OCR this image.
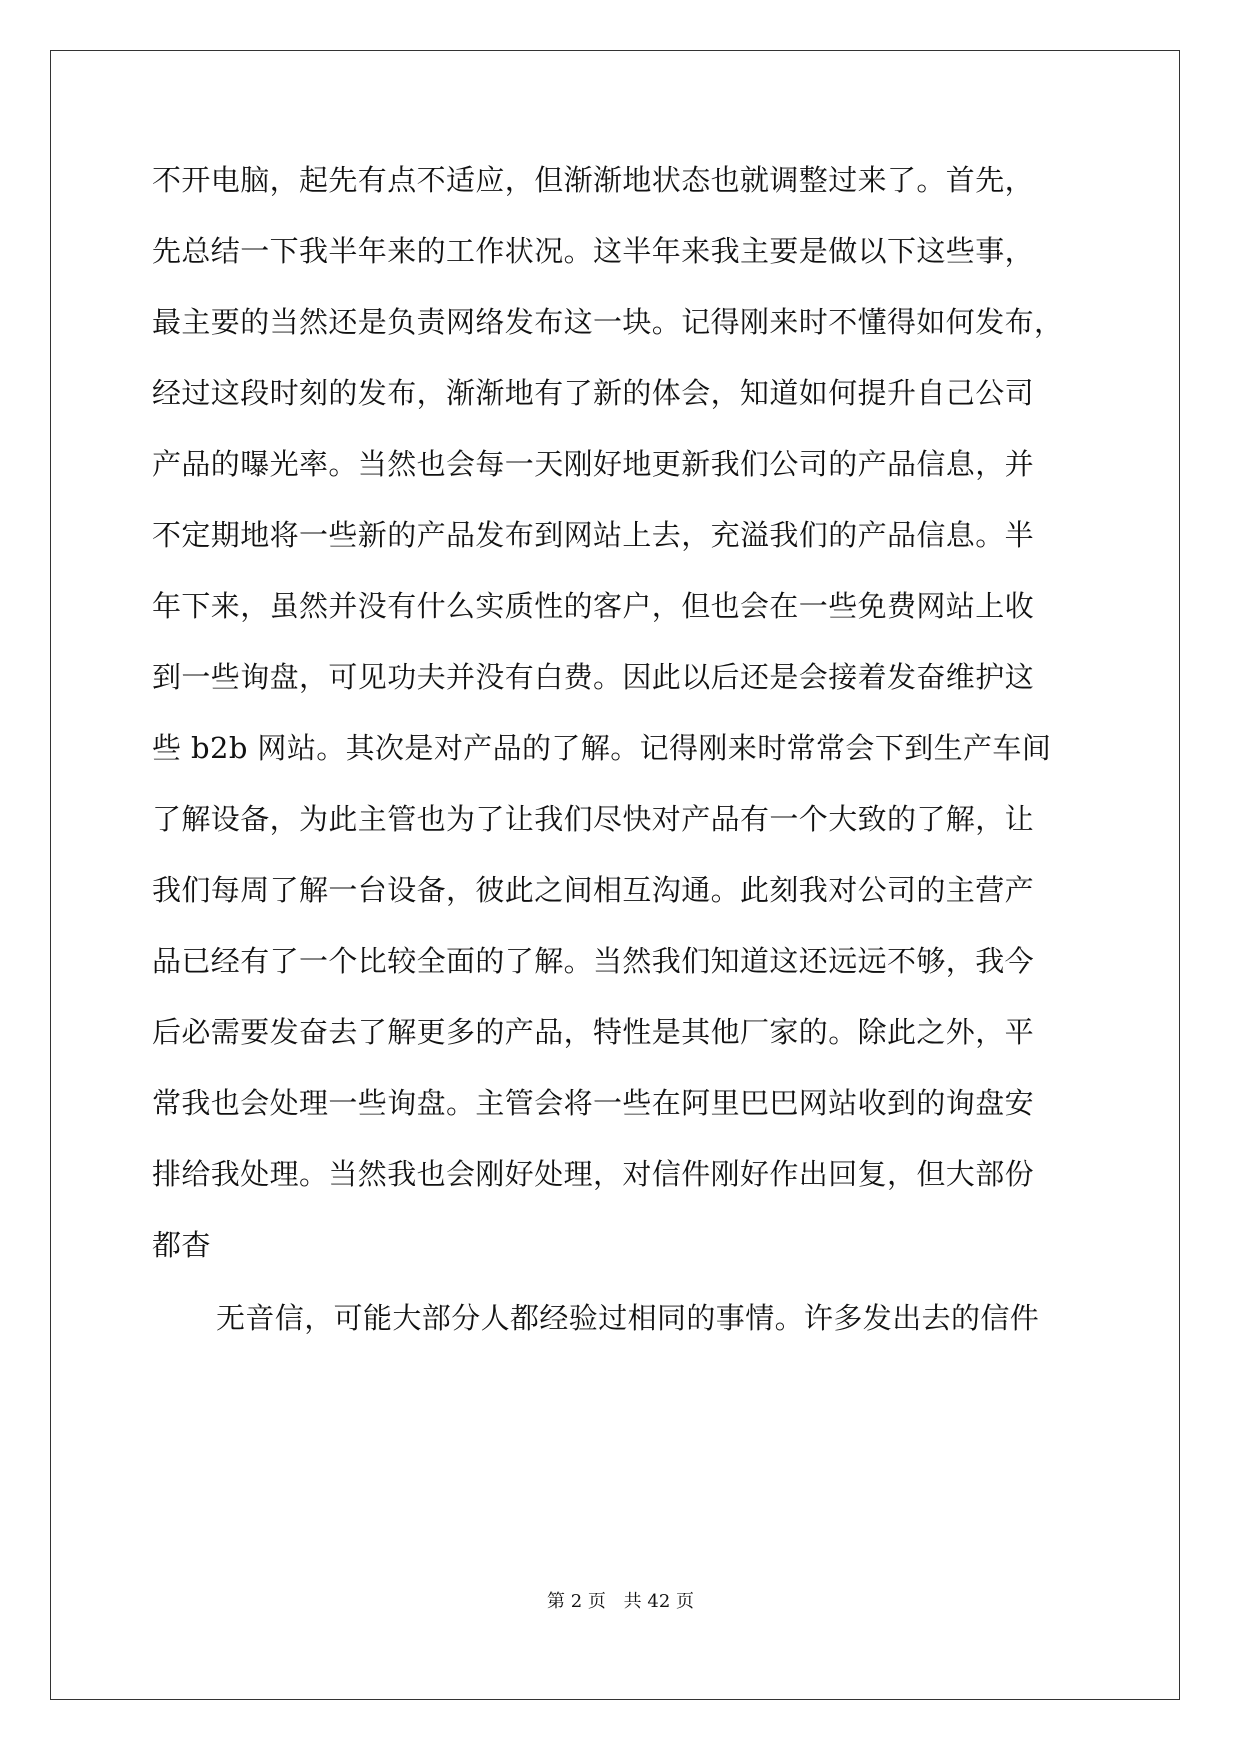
不开电脑，起先有点不适应，但渐渐地状态也就调整过来了。首先，
先总结一下我半年来的工作状况。这半年来我主要是做以下这些事，
最主要的当然还是负责网络发布这一块。记得刚来时不懂得如何发布，
经过这段时刻的发布，渐渐地有了新的体会，知道如何提升自己公司
产品的曝光率。当然也会每一天刚好地更新我们公司的产品信息，并
不定期地将一些新的产品发布到网站上去，充溢我们的产品信息。半
年下来，虽然并没有什么实质性的客户，但也会在一些免费网站上收
到一些询盘，可见功夫并没有白费。因此以后还是会接着发奋维护这
些 b2b 网站。其次是对产品的了解。记得刚来时常常会下到生产车间
了解设备，为此主管也为了让我们尽快对产品有一个大致的了解，让
我们每周了解一台设备，彼此之间相互沟通。此刻我对公司的主营产
品已经有了一个比较全面的了解。当然我们知道这还远远不够，我今
后必需要发奋去了解更多的产品，特性是其他厂家的。除此之外，平
常我也会处理一些询盘。主管会将一些在阿里巴巴网站收到的询盘安
排给我处理。当然我也会刚好处理，对信件刚好作出回复，但大部份
都杳
无音信，可能大部分人都经验过相同的事情。许多发出去的信件
第 2 页 共 42 页
